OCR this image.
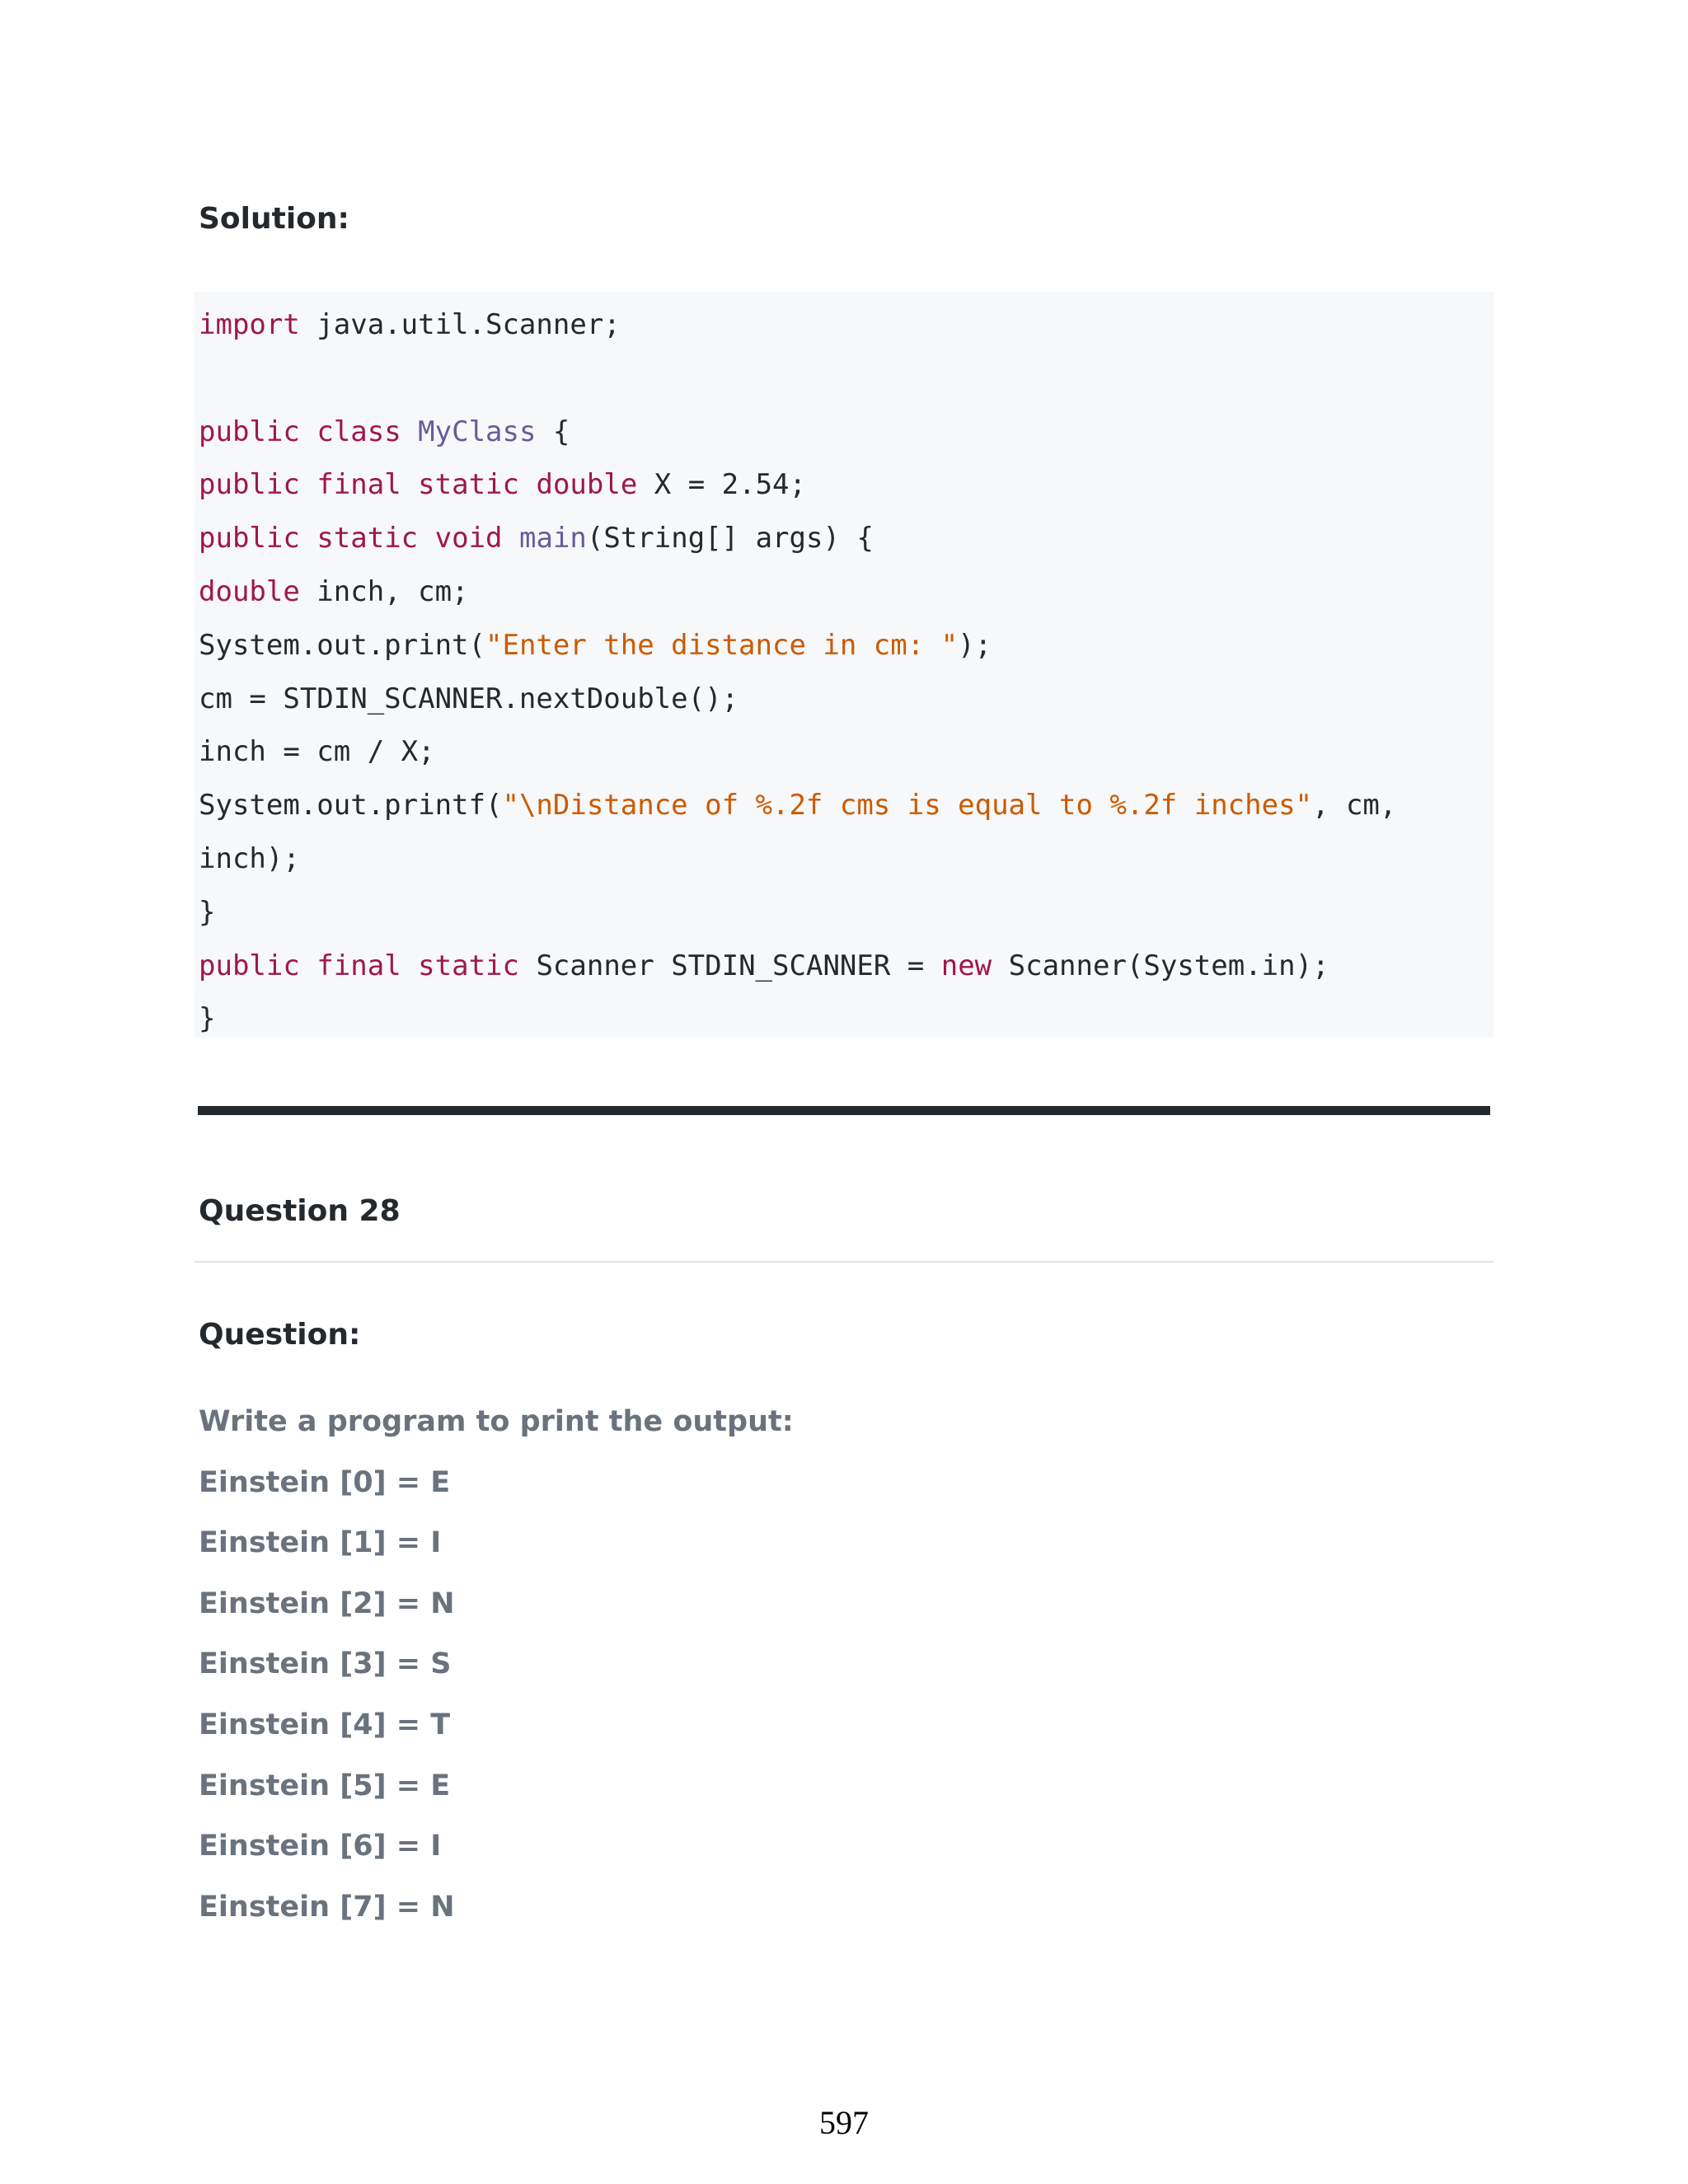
Solution:
import java.util.Scanner;

public class MyClass {
public final static double X = 2.54;
public static void main(String[] args) {
double inch, cm;
System.out.print("Enter the distance in cm: ");
cm = STDIN_SCANNER.nextDouble();
inch = cm / X;
System.out.printf("\nDistance of %.2f cms is equal to %.2f inches", cm,
inch);
}
public final static Scanner STDIN_SCANNER = new Scanner(System.in);
}
Question 28
Question:
Write a program to print the output:
Einstein [0] = E
Einstein [1] = I
Einstein [2] = N
Einstein [3] = S
Einstein [4] = T
Einstein [5] = E
Einstein [6] = I
Einstein [7] = N
597
